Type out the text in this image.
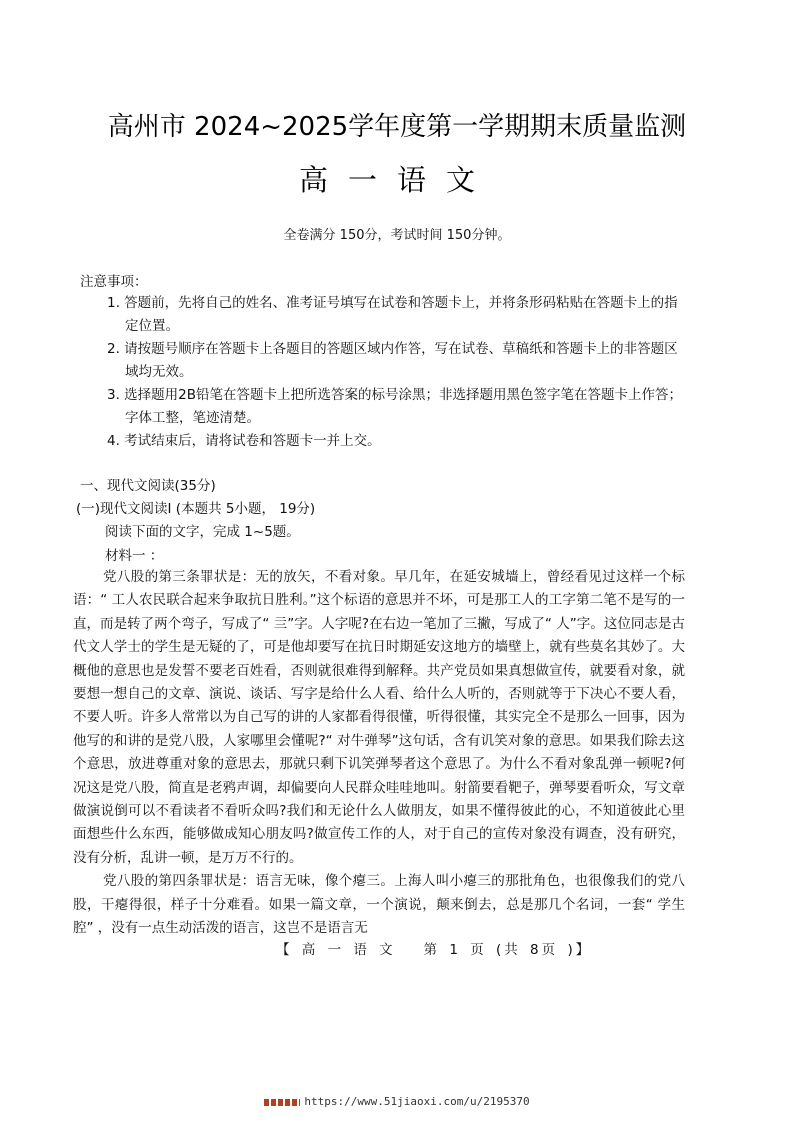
高州市 2024~2025学年度第一学期期末质量监测
高一语文
全卷满分 150分，考试时间 150分钟。
注意事项：
1. 答题前，先将自己的姓名、准考证号填写在试卷和答题卡上，并将条形码粘贴在答题卡上的指定位置。
2. 请按题号顺序在答题卡上各题目的答题区域内作答，写在试卷、草稿纸和答题卡上的非答题区域均无效。
3. 选择题用2B铅笔在答题卡上把所选答案的标号涂黑；非选择题用黑色签字笔在答题卡上作答；字体工整，笔迹清楚。
4. 考试结束后，请将试卷和答题卡一并上交。
一、现代文阅读(35分)
(一)现代文阅读Ⅰ (本题共 5小题， 19分)
阅读下面的文字，完成 1~5题。
材料一 ：

党八股的第三条罪状是：无的放矢，不看对象。早几年，在延安城墙上，曾经看见过这样一个标语：“ 工人农民联合起来争取抗日胜利。”这个标语的意思并不坏，可是那工人的工字第二笔不是写的一直，而是转了两个弯子，写成了“ 亖”字。人字呢?在右边一笔加了三撇，写成了“ 人”字。这位同志是古代文人学士的学生是无疑的了，可是他却要写在抗日时期延安这地方的墙壁上，就有些莫名其妙了。大概他的意思也是发誓不要老百姓看，否则就很难得到解释。共产党员如果真想做宣传，就要看对象，就要想一想自己的文章、演说、谈话、写字是给什么人看、给什么人听的，否则就等于下决心不要人看，不要人听。许多人常常以为自己写的讲的人家都看得很懂，听得很懂，其实完全不是那么一回事，因为他写的和讲的是党八股，人家哪里会懂呢?“ 对牛弹琴”这句话，含有讥笑对象的意思。如果我们除去这个意思，放进尊重对象的意思去，那就只剩下讥笑弹琴者这个意思了。为什么不看对象乱弹一顿呢?何况这是党八股，简直是老鸦声调，却偏要向人民群众哇哇地叫。射箭要看靶子，弹琴要看听众，写文章做演说倒可以不看读者不看听众吗?我们和无论什么人做朋友，如果不懂得彼此的心，不知道彼此心里面想些什么东西，能够做成知心朋友吗?做宣传工作的人，对于自己的宣传对象没有调查，没有研究，没有分析，乱讲一顿，是万万不行的。

党八股的第四条罪状是：语言无味，像个瘪三。上海人叫小瘪三的那批角色，也很像我们的党八股，干瘪得很，样子十分难看。如果一篇文章，一个演说，颠来倒去，总是那几个名词，一套“ 学生腔” ，没有一点生动活泼的语言，这岂不是语言无

【 高 一 语 文   第 1 页 (共 8页 )】
https://www.51jiaoxi.com/u/2195370
